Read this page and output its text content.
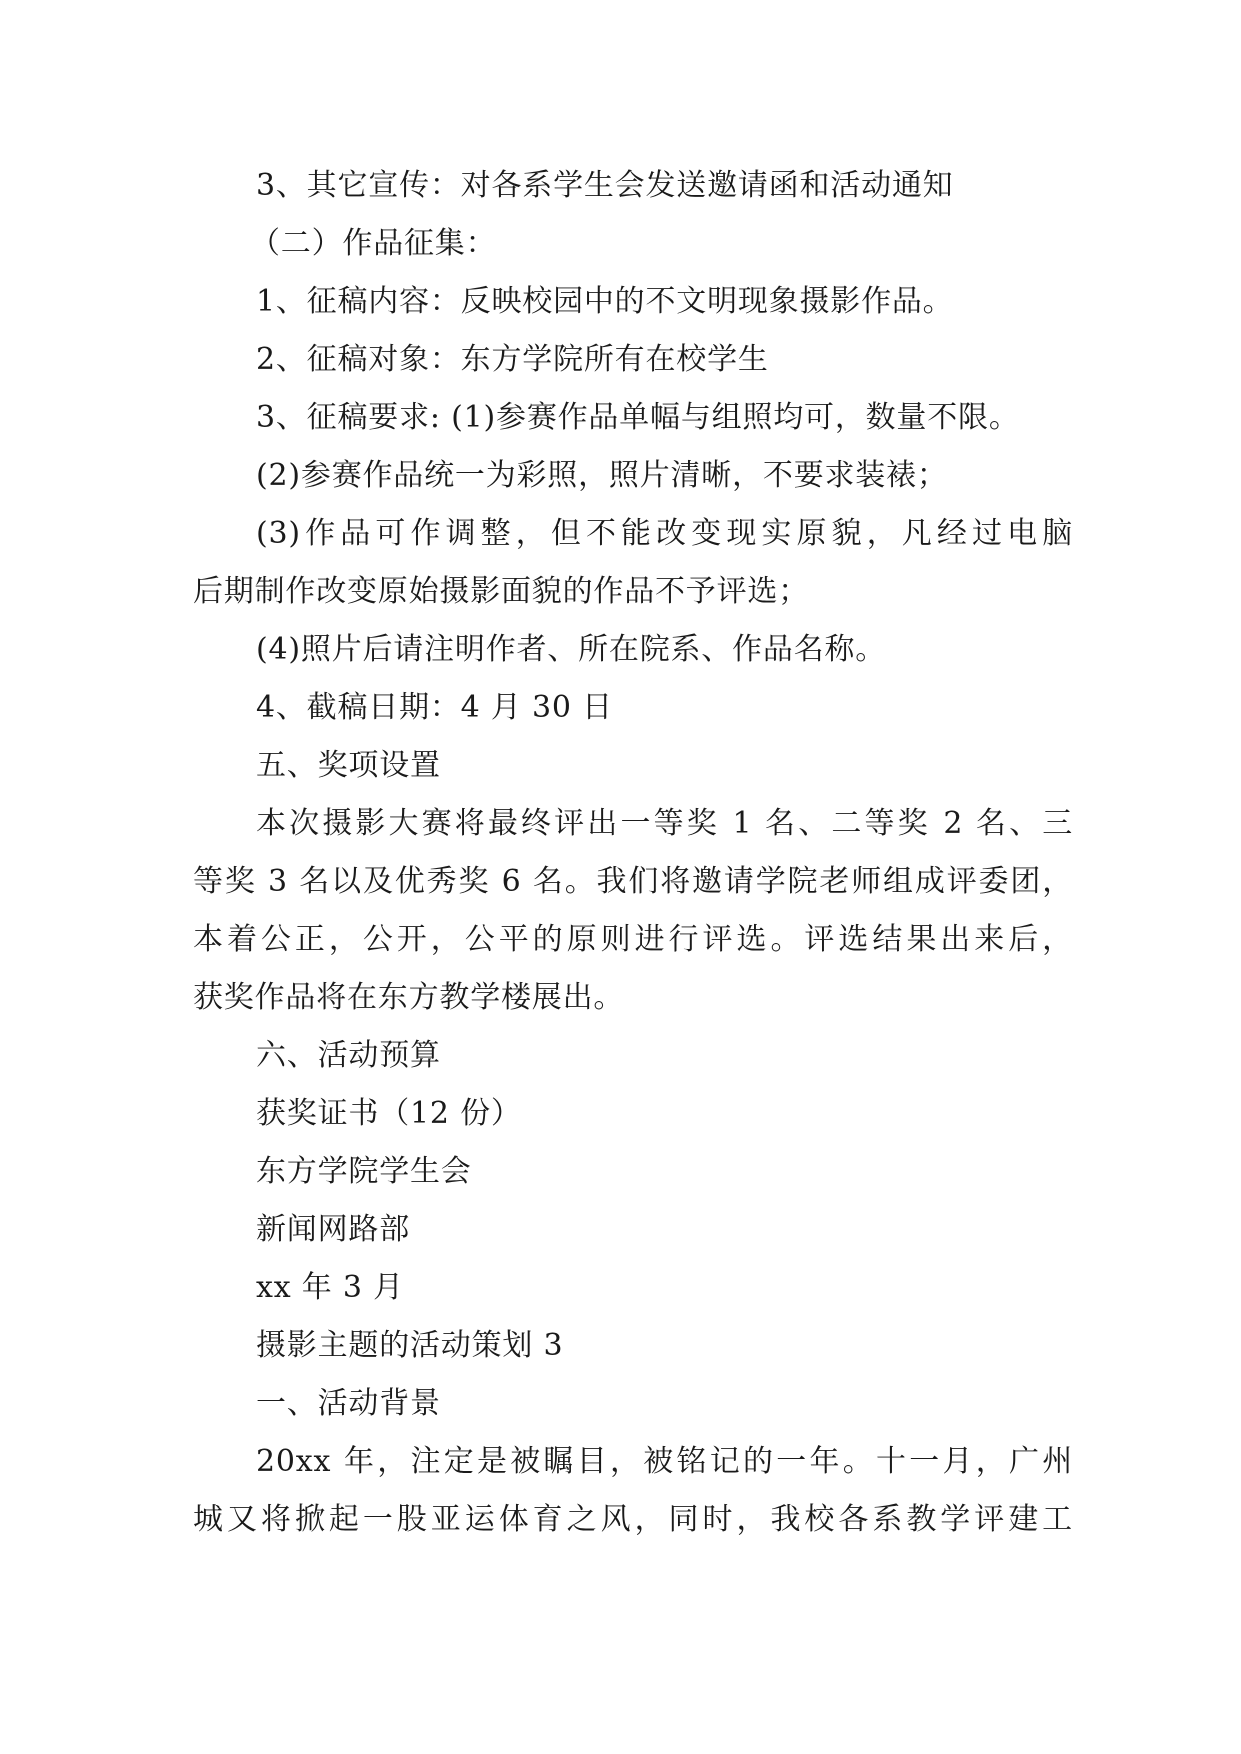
3、其它宣传：对各系学生会发送邀请函和活动通知
（二）作品征集：
1、征稿内容：反映校园中的不文明现象摄影作品。
2、征稿对象：东方学院所有在校学生
3、征稿要求: (1)参赛作品单幅与组照均可，数量不限。
(2)参赛作品统一为彩照，照片清晰，不要求装裱；
(3)作品可作调整，但不能改变现实原貌，凡经过电脑
后期制作改变原始摄影面貌的作品不予评选；
(4)照片后请注明作者、所在院系、作品名称。
4、截稿日期：4 月 30 日
五、奖项设置
本次摄影大赛将最终评出一等奖 1 名、二等奖 2 名、三
等奖 3 名以及优秀奖 6 名。我们将邀请学院老师组成评委团，
本着公正，公开，公平的原则进行评选。评选结果出来后，
获奖作品将在东方教学楼展出。
六、活动预算
获奖证书（12 份）
东方学院学生会
新闻网路部
xx 年 3 月
摄影主题的活动策划 3
一、活动背景
20xx 年，注定是被瞩目，被铭记的一年。十一月，广州
城又将掀起一股亚运体育之风，同时，我校各系教学评建工
